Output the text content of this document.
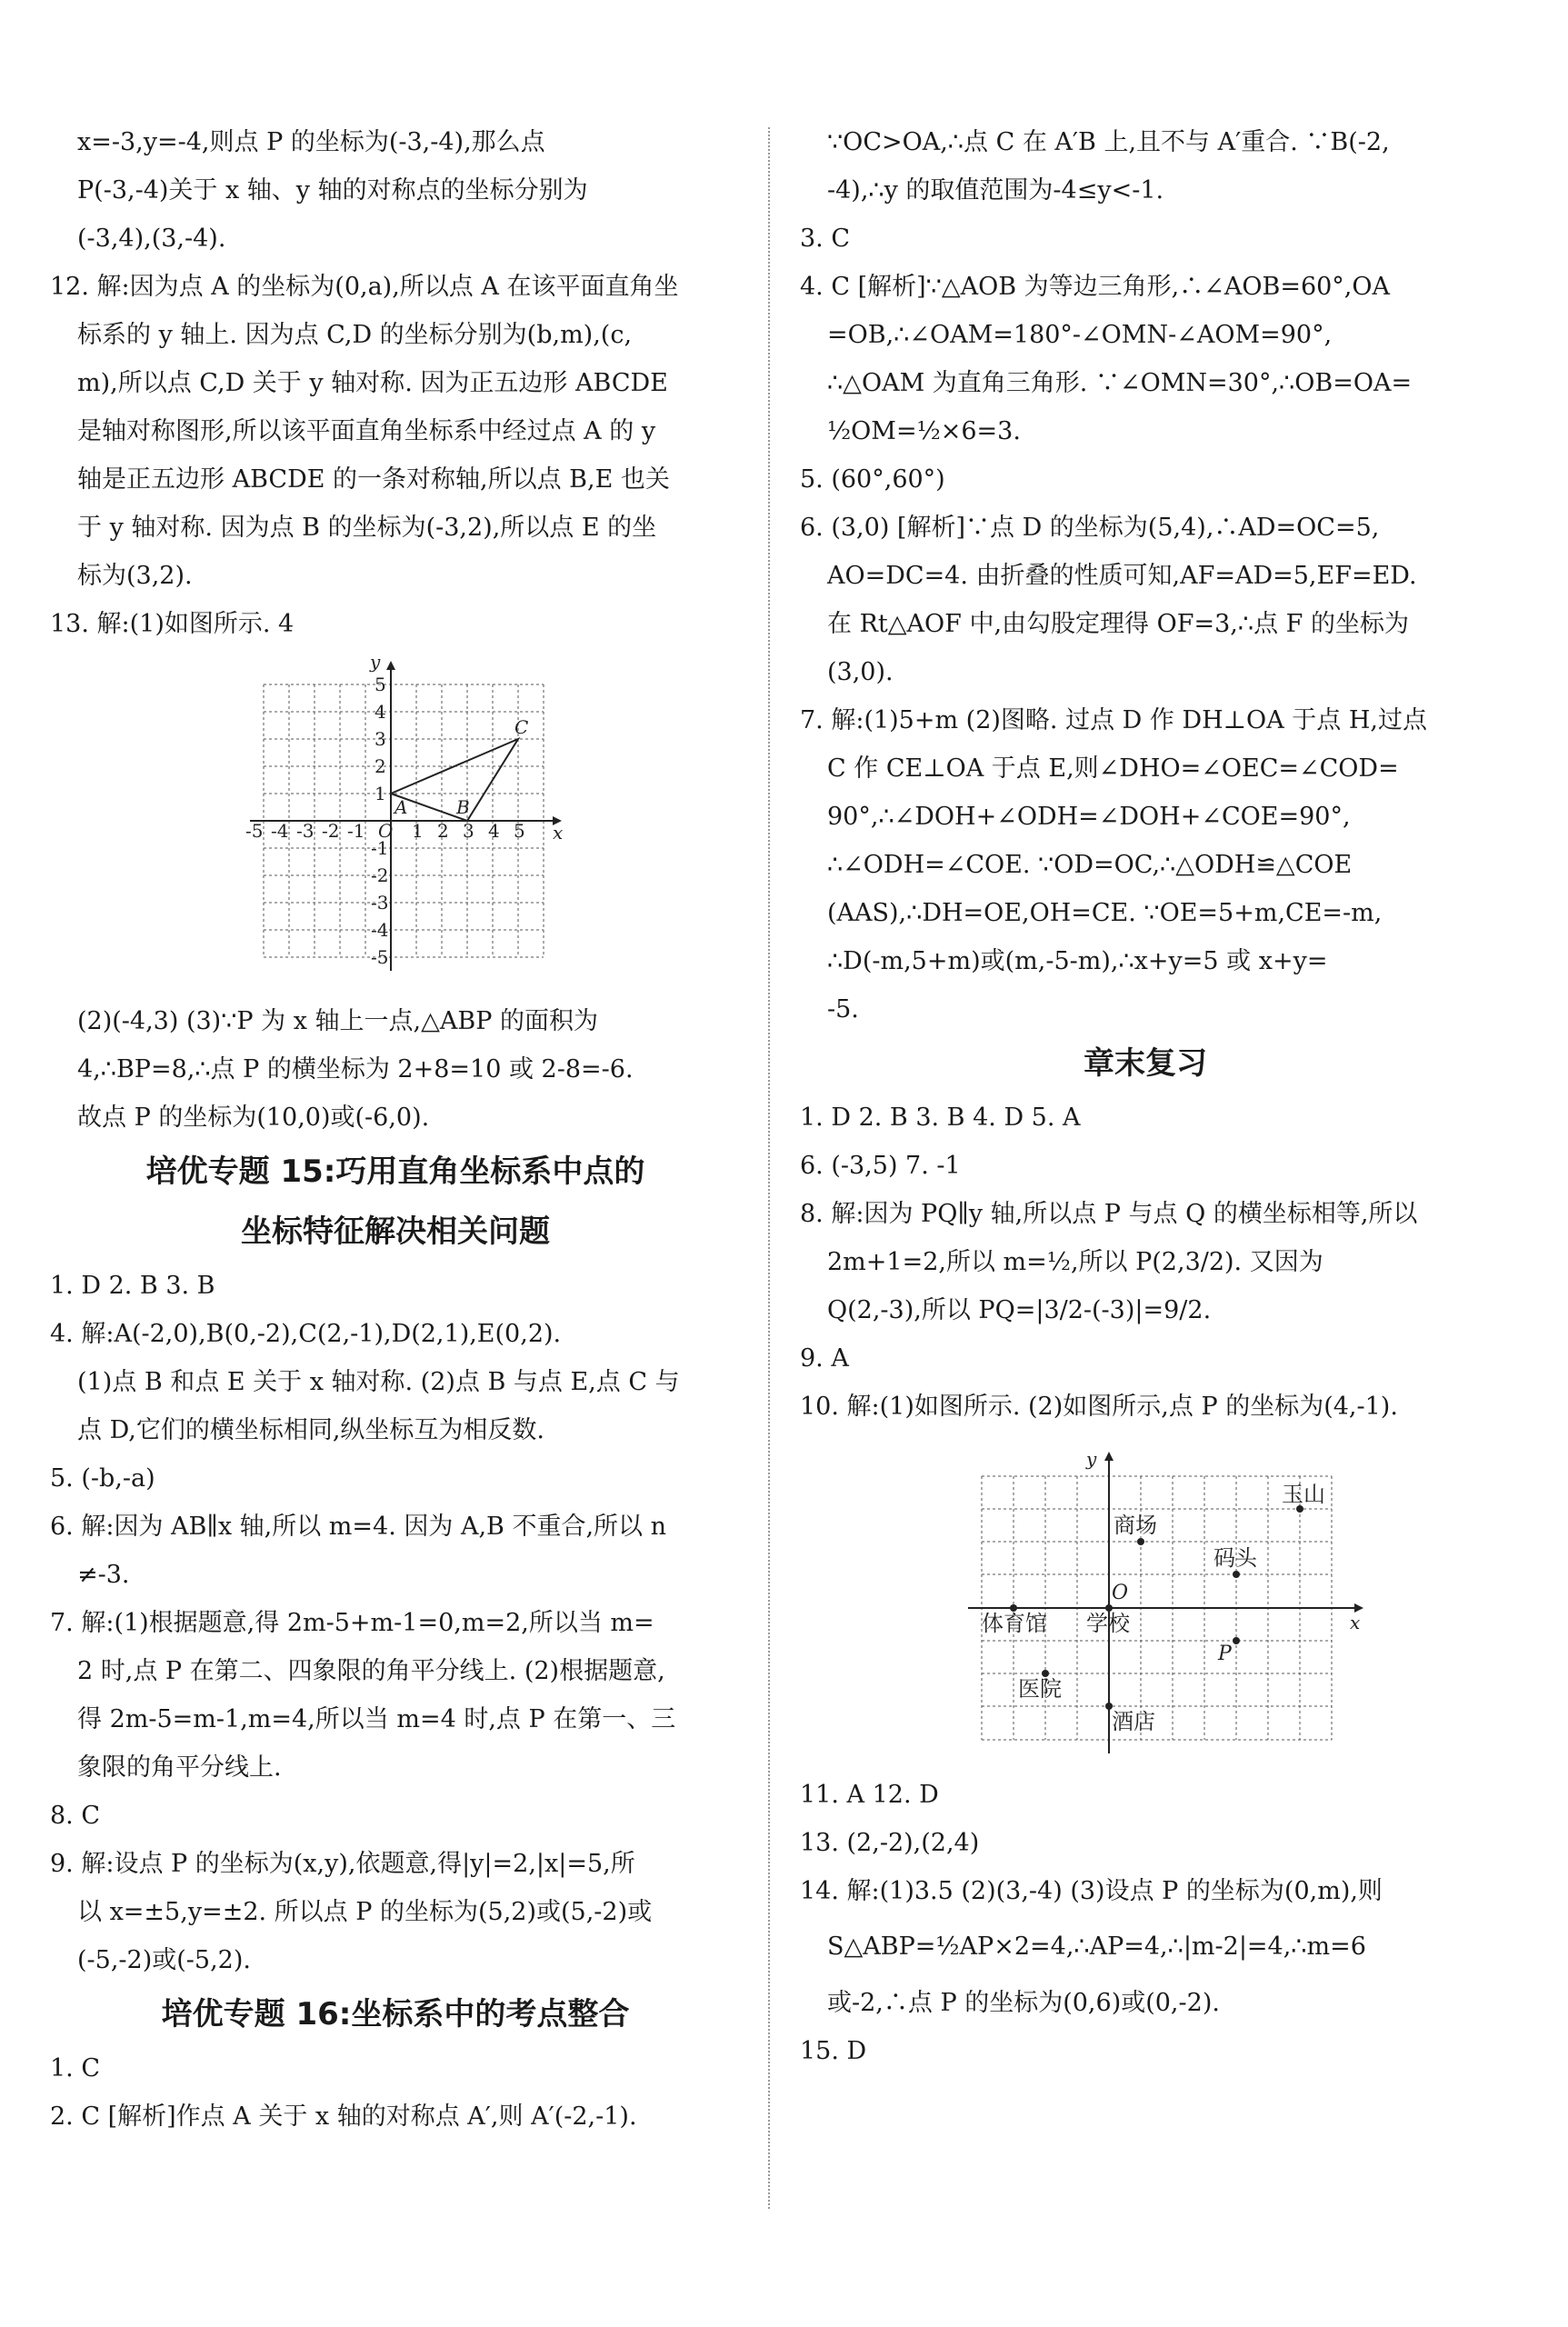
x=-3,y=-4,则点 P 的坐标为(-3,-4),那么点
P(-3,-4)关于 x 轴、y 轴的对称点的坐标分别为
(-3,4),(3,-4).
12. 解:因为点 A 的坐标为(0,a),所以点 A 在该平面直角坐
标系的 y 轴上. 因为点 C,D 的坐标分别为(b,m),(c,
m),所以点 C,D 关于 y 轴对称. 因为正五边形 ABCDE
是轴对称图形,所以该平面直角坐标系中经过点 A 的 y
轴是正五边形 ABCDE 的一条对称轴,所以点 B,E 也关
于 y 轴对称. 因为点 B 的坐标为(-3,2),所以点 E 的坐
标为(3,2).
13. 解:(1)如图所示. 4
x
y
O
A	B
C
-5 -4 -3 -2 -1	1 2 3 4 5
1
2
3
4
5
-1
-2
-3
-4
-5
(2)(-4,3) (3)∵P 为 x 轴上一点,△ABP 的面积为
4,∴BP=8,∴点 P 的横坐标为 2+8=10 或 2-8=-6.
故点 P 的坐标为(10,0)或(-6,0).
培优专题 15:巧用直角坐标系中点的
坐标特征解决相关问题
1. D 2. B 3. B
4. 解:A(-2,0),B(0,-2),C(2,-1),D(2,1),E(0,2).
(1)点 B 和点 E 关于 x 轴对称. (2)点 B 与点 E,点 C 与
点 D,它们的横坐标相同,纵坐标互为相反数.
5. (-b,-a)
6. 解:因为 AB∥x 轴,所以 m=4. 因为 A,B 不重合,所以 n
≠-3.
7. 解:(1)根据题意,得 2m-5+m-1=0,m=2,所以当 m=
2 时,点 P 在第二、四象限的角平分线上. (2)根据题意,
得 2m-5=m-1,m=4,所以当 m=4 时,点 P 在第一、三
象限的角平分线上.
8. C
9. 解:设点 P 的坐标为(x,y),依题意,得|y|=2,|x|=5,所
以 x=±5,y=±2. 所以点 P 的坐标为(5,2)或(5,-2)或
(-5,-2)或(-5,2).
培优专题 16:坐标系中的考点整合
1. C
2. C [解析]作点 A 关于 x 轴的对称点 A′,则 A′(-2,-1).
∵OC>OA,∴点 C 在 A′B 上,且不与 A′重合. ∵B(-2,
-4),∴y 的取值范围为-4≤y<-1.
3. C
4. C [解析]∵△AOB 为等边三角形,∴∠AOB=60°,OA
=OB,∴∠OAM=180°-∠OMN-∠AOM=90°,
∴△OAM 为直角三角形. ∵∠OMN=30°,∴OB=OA=
½OM=½×6=3.
5. (60°,60°)
6. (3,0) [解析]∵点 D 的坐标为(5,4),∴AD=OC=5,
AO=DC=4. 由折叠的性质可知,AF=AD=5,EF=ED.
在 Rt△AOF 中,由勾股定理得 OF=3,∴点 F 的坐标为
(3,0).
7. 解:(1)5+m (2)图略. 过点 D 作 DH⊥OA 于点 H,过点
C 作 CE⊥OA 于点 E,则∠DHO=∠OEC=∠COD=
90°,∴∠DOH+∠ODH=∠DOH+∠COE=90°,
∴∠ODH=∠COE. ∵OD=OC,∴△ODH≌△COE
(AAS),∴DH=OE,OH=CE. ∵OE=5+m,CE=-m,
∴D(-m,5+m)或(m,-5-m),∴x+y=5 或 x+y=
-5.
章末复习
1. D 2. B 3. B 4. D 5. A
6. (-3,5) 7. -1
8. 解:因为 PQ∥y 轴,所以点 P 与点 Q 的横坐标相等,所以
2m+1=2,所以 m=½,所以 P(2,3/2). 又因为
Q(2,-3),所以 PQ=|3/2-(-3)|=9/2.
9. A
10. 解:(1)如图所示. (2)如图所示,点 P 的坐标为(4,-1).
x
y
O
玉山
商场
码头
体育馆 学校
P
医院
酒店
11. A 12. D
13. (2,-2),(2,4)
14. 解:(1)3.5 (2)(3,-4) (3)设点 P 的坐标为(0,m),则
S△ABP=½AP×2=4,∴AP=4,∴|m-2|=4,∴m=6
或-2,∴点 P 的坐标为(0,6)或(0,-2).
15. D
